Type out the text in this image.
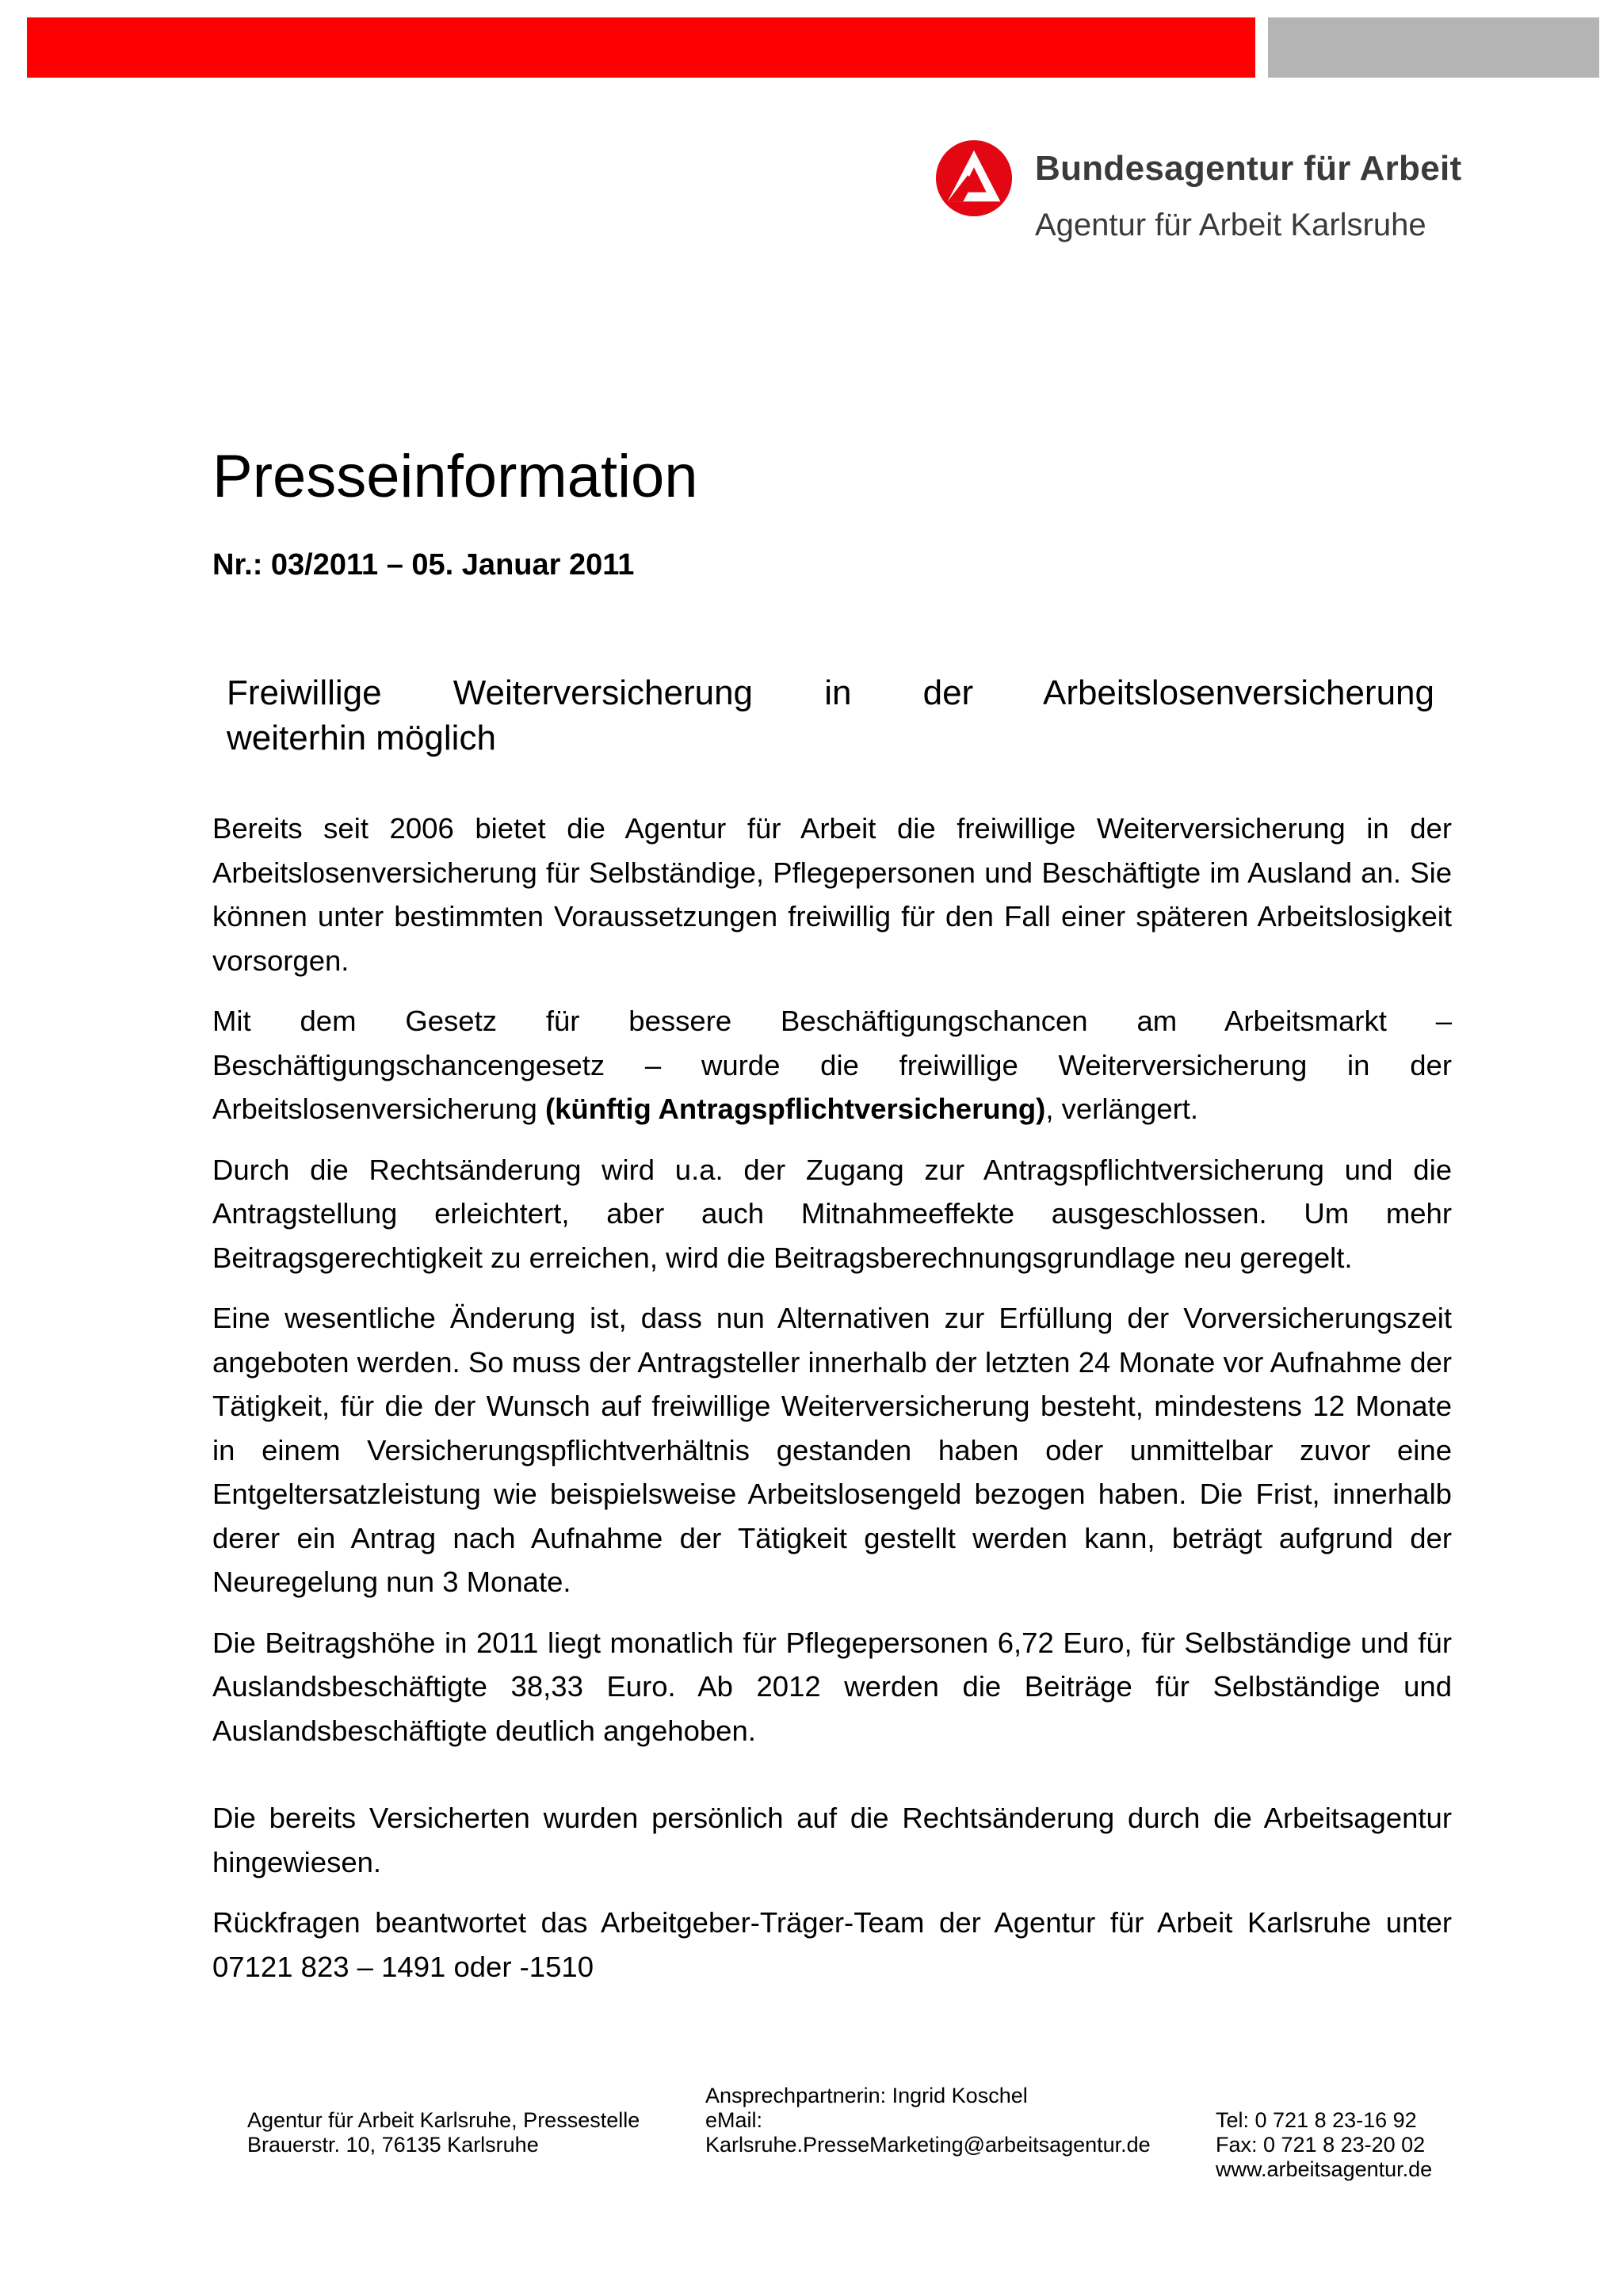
Bundesagentur für Arbeit
Agentur für Arbeit Karlsruhe
Presseinformation
Nr.: 03/2011 – 05. Januar 2011
Freiwillige Weiterversicherung in der Arbeitslosenversicherung
weiterhin möglich

Bereits seit 2006 bietet die Agentur für Arbeit die freiwillige Weiterversicherung in der Arbeitslosenversicherung für Selbständige, Pflegepersonen und Beschäftigte im Ausland an. Sie können unter bestimmten Voraussetzungen freiwillig für den Fall einer späteren Arbeitslosigkeit vorsorgen.

Mit dem Gesetz für bessere Beschäftigungschancen am Arbeitsmarkt – Beschäftigungschancengesetz – wurde die freiwillige Weiterversicherung in der Arbeitslosenversicherung (künftig Antragspflichtversicherung), verlängert.

Durch die Rechtsänderung wird u.a. der Zugang zur Antragspflichtversicherung und die Antragstellung erleichtert, aber auch Mitnahmeeffekte ausgeschlossen. Um mehr Beitragsgerechtigkeit zu erreichen, wird die Beitragsberechnungsgrundlage neu geregelt.

Eine wesentliche Änderung ist, dass nun Alternativen zur Erfüllung der Vorversicherungszeit angeboten werden. So muss der Antragsteller innerhalb der letzten 24 Monate vor Aufnahme der Tätigkeit, für die der Wunsch auf freiwillige Weiterversicherung besteht, mindestens 12 Monate in einem Versicherungspflichtverhältnis gestanden haben oder unmittelbar zuvor eine Entgeltersatzleistung wie beispielsweise Arbeitslosengeld bezogen haben. Die Frist, innerhalb derer ein Antrag nach Aufnahme der Tätigkeit gestellt werden kann, beträgt aufgrund der Neuregelung nun 3 Monate.

Die Beitragshöhe in 2011 liegt monatlich für Pflegepersonen 6,72 Euro, für Selbständige und für Auslandsbeschäftigte 38,33 Euro. Ab 2012 werden die Beiträge für Selbständige und Auslandsbeschäftigte deutlich angehoben.

Die bereits Versicherten wurden persönlich auf die Rechtsänderung durch die Arbeitsagentur hingewiesen.

Rückfragen beantwortet das Arbeitgeber-Träger-Team der Agentur für Arbeit Karlsruhe unter 07121 823 – 1491 oder -1510

Agentur für Arbeit Karlsruhe, Pressestelle
Brauerstr. 10, 76135 Karlsruhe
Ansprechpartnerin: Ingrid Koschel
eMail:
Karlsruhe.PresseMarketing@arbeitsagentur.de
Tel: 0 721 8 23-16 92
Fax: 0 721 8 23-20 02
www.arbeitsagentur.de
